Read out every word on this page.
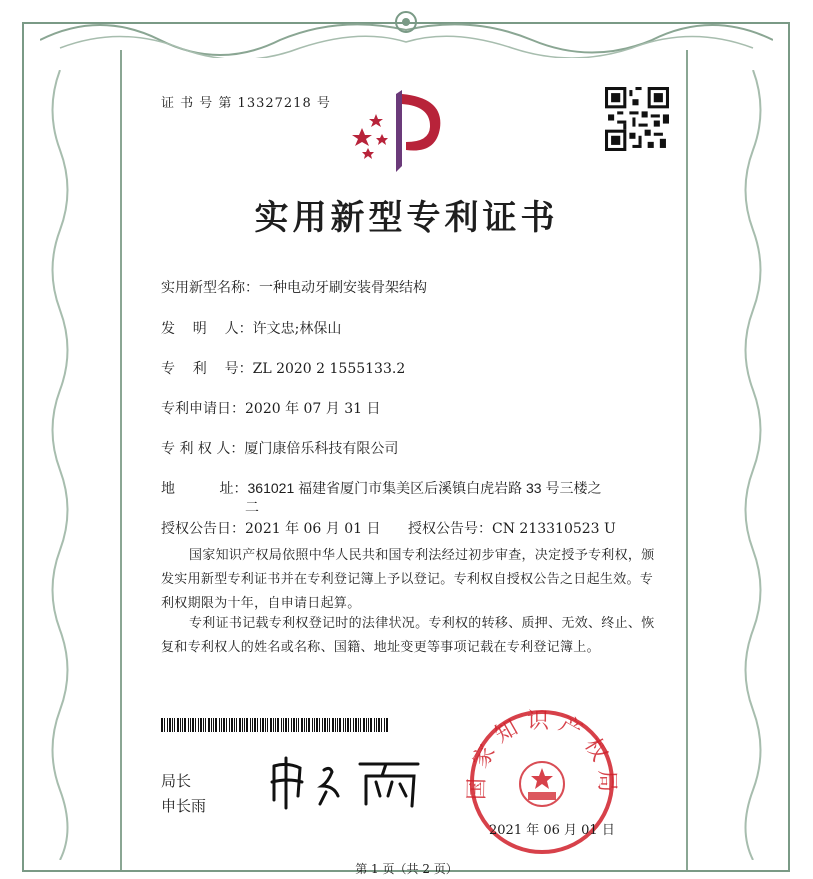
证 书 号 第 13327218 号
实用新型专利证书
实用新型名称：一种电动牙刷安装骨架结构
发    明    人：许文忠;林保山
专    利    号：ZL 2020 2 1555133.2
专利申请日：2020 年 07 月 31 日
专 利 权 人：厦门康倍乐科技有限公司
地          址：361021 福建省厦门市集美区后溪镇白虎岩路 33 号三楼之
二
授权公告日：2021 年 06 月 01 日 授权公告号：CN 213310523 U
国家知识产权局依照中华人民共和国专利法经过初步审查，决定授予专利权，颁发实用新型专利证书并在专利登记簿上予以登记。专利权自授权公告之日起生效。专利权期限为十年，自申请日起算。
专利证书记载专利权登记时的法律状况。专利权的转移、质押、无效、终止、恢复和专利权人的姓名或名称、国籍、地址变更等事项记载在专利登记簿上。
局长
申长雨
国家知识产权局
2021 年 06 月 01 日
第 1 页（共 2 页）
